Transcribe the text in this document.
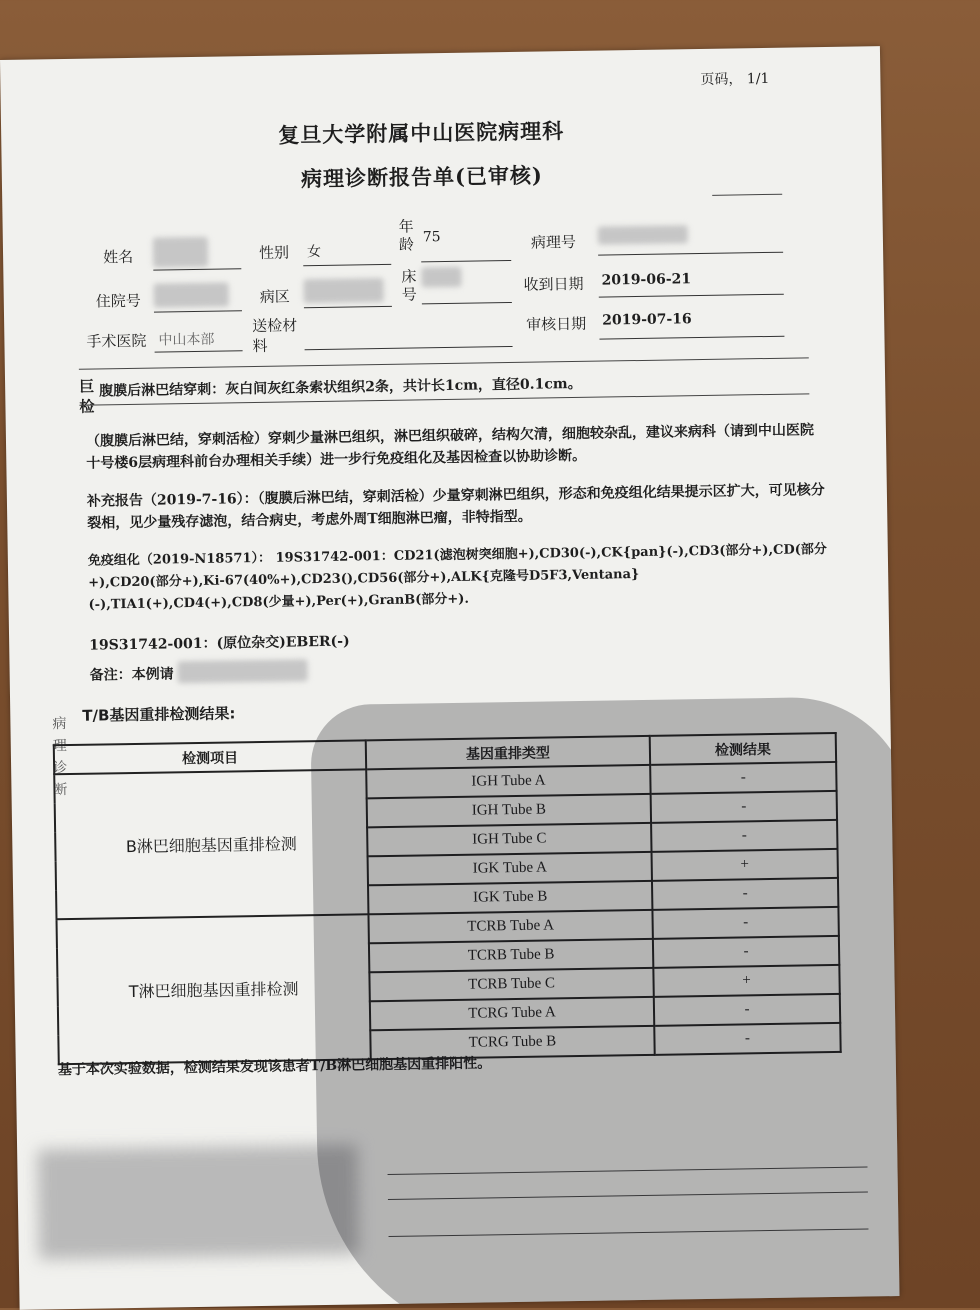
页码， 1/1
复旦大学附属中山医院病理科
病理诊断报告单(已审核)
姓名	性别 女
年龄 75	病理号
住院号	病区
床号
收到日期 2019-06-21
手术医院 中山本部
送检材料
审核日期 2019-07-16
巨检
腹膜后淋巴结穿刺：灰白间灰红条索状组织2条，共计长1cm，直径0.1cm。
（腹膜后淋巴结，穿刺活检）穿刺少量淋巴组织，淋巴组织破碎，结构欠清，细胞较杂乱，建议来病科（请到中山医院十号楼6层病理科前台办理相关手续）进一步行免疫组化及基因检查以协助诊断。
补充报告（2019-7-16）：（腹膜后淋巴结，穿刺活检）少量穿刺淋巴组织，形态和免疫组化结果提示区扩大，可见核分裂相，见少量残存滤泡，结合病史，考虑外周T细胞淋巴瘤，非特指型。
免疫组化（2019-N18571）： 19S31742-001：CD21(滤泡树突细胞+),CD30(-),CK{pan}(-),CD3(部分+),CD(部分+),CD20(部分+),Ki-67(40%+),CD23(),CD56(部分+),ALK{克隆号D5F3,Ventana}(-),TIA1(+),CD4(+),CD8(少量+),Per(+),GranB(部分+).
19S31742-001：(原位杂交)EBER(-)
备注：本例请
T/B基因重排检测结果:
病理诊断
检测项目	基因重排类型	检测结果
B淋巴细胞基因重排检测	IGH Tube A	-
	IGH Tube B	-
	IGH Tube C	-
	IGK Tube A	+
	IGK Tube B	-
T淋巴细胞基因重排检测	TCRB Tube A	-
	TCRB Tube B	-
	TCRB Tube C	+
	TCRG Tube A	-
	TCRG Tube B	-
基于本次实验数据，检测结果发现该患者T/B淋巴细胞基因重排阳性。
